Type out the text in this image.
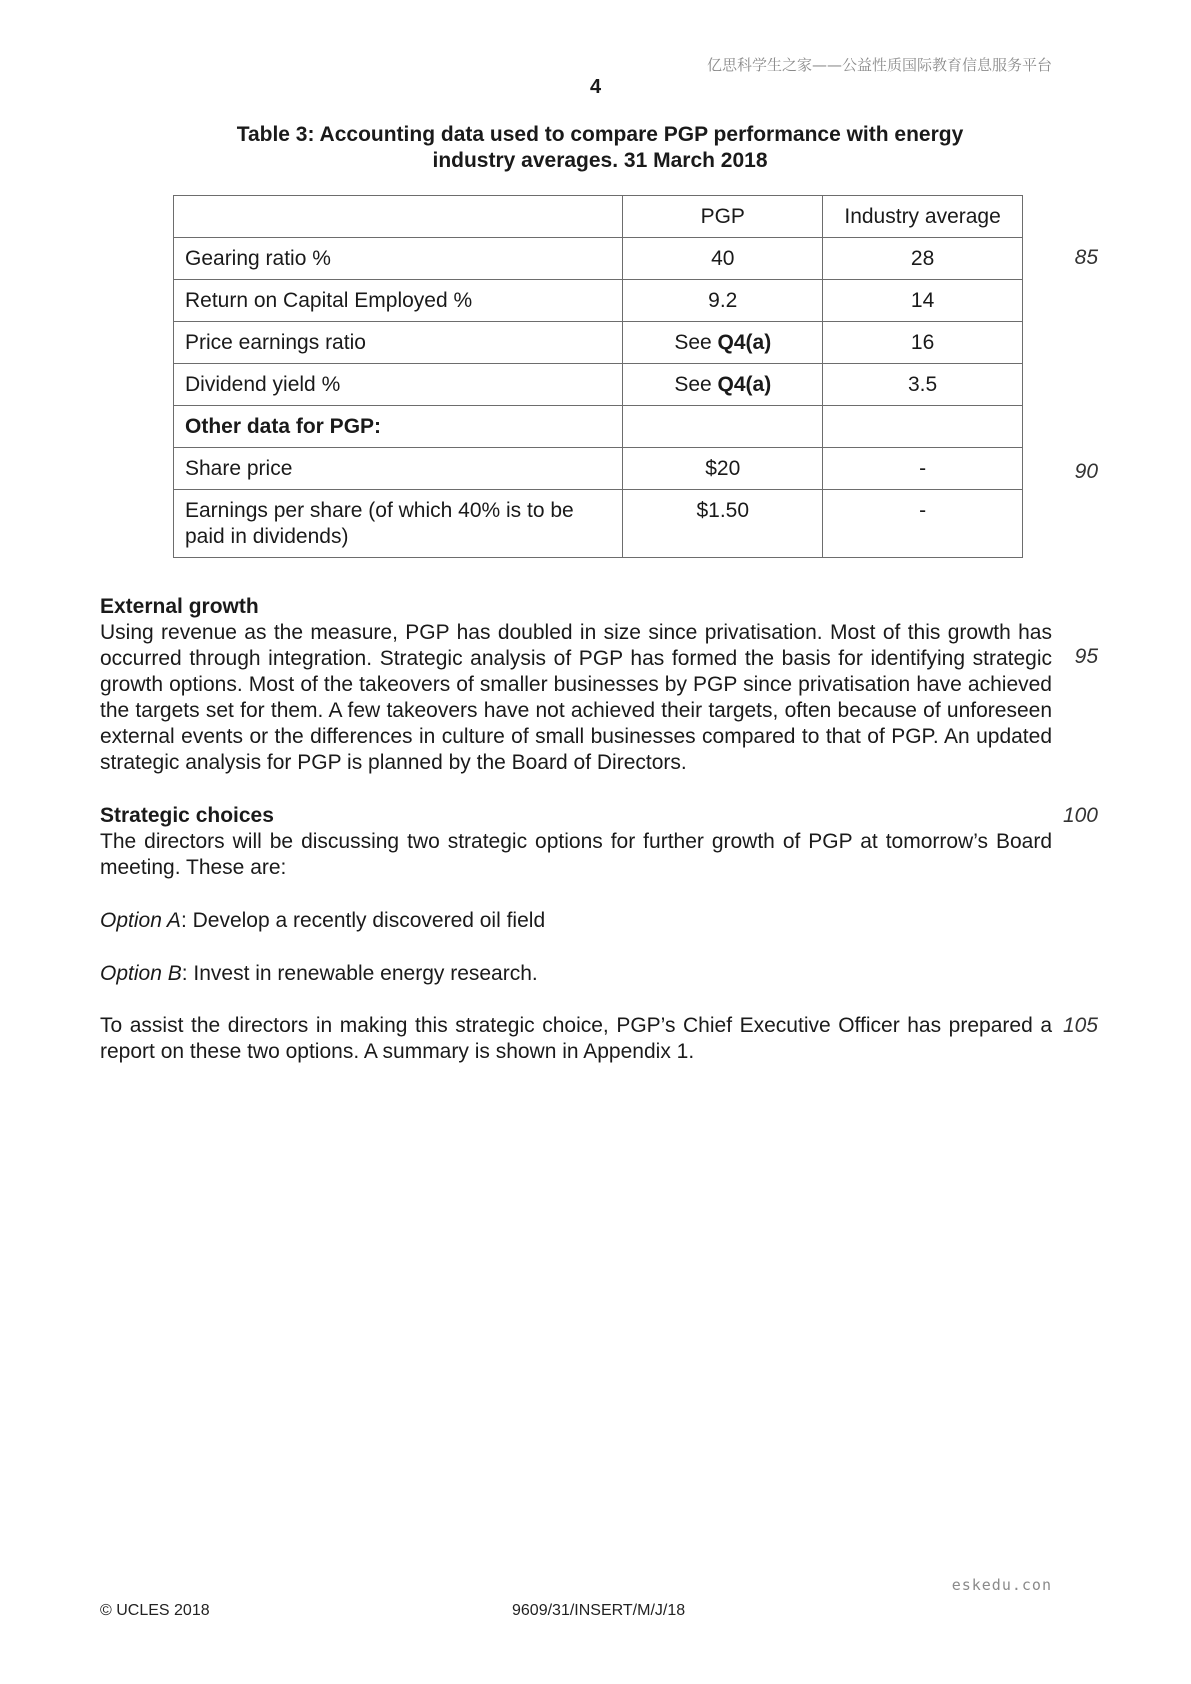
亿思科学生之家——公益性质国际教育信息服务平台
4
Table 3: Accounting data used to compare PGP performance with energy
industry averages. 31 March 2018
	PGP	Industry average
Gearing ratio %	40	28
Return on Capital Employed %	9.2	14
Price earnings ratio	See Q4(a)	16
Dividend yield %	See Q4(a)	3.5
Other data for PGP:		
Share price	$20	-
Earnings per share (of which 40% is to be paid in dividends)	$1.50	-
85
90
95
100
105
External growth

Using revenue as the measure, PGP has doubled in size since privatisation. Most of this growth has occurred through integration. Strategic analysis of PGP has formed the basis for identifying strategic growth options. Most of the takeovers of smaller businesses by PGP since privatisation have achieved the targets set for them. A few takeovers have not achieved their targets, often because of unforeseen external events or the differences in culture of small businesses compared to that of PGP. An updated strategic analysis for PGP is planned by the Board of Directors.

Strategic choices

The directors will be discussing two strategic options for further growth of PGP at tomorrow’s Board meeting. These are:

Option A: Develop a recently discovered oil field
Option B: Invest in renewable energy research.

To assist the directors in making this strategic choice, PGP’s Chief Executive Officer has prepared a report on these two options. A summary is shown in Appendix 1.

eskedu.con
© UCLES 2018	9609/31/INSERT/M/J/18
